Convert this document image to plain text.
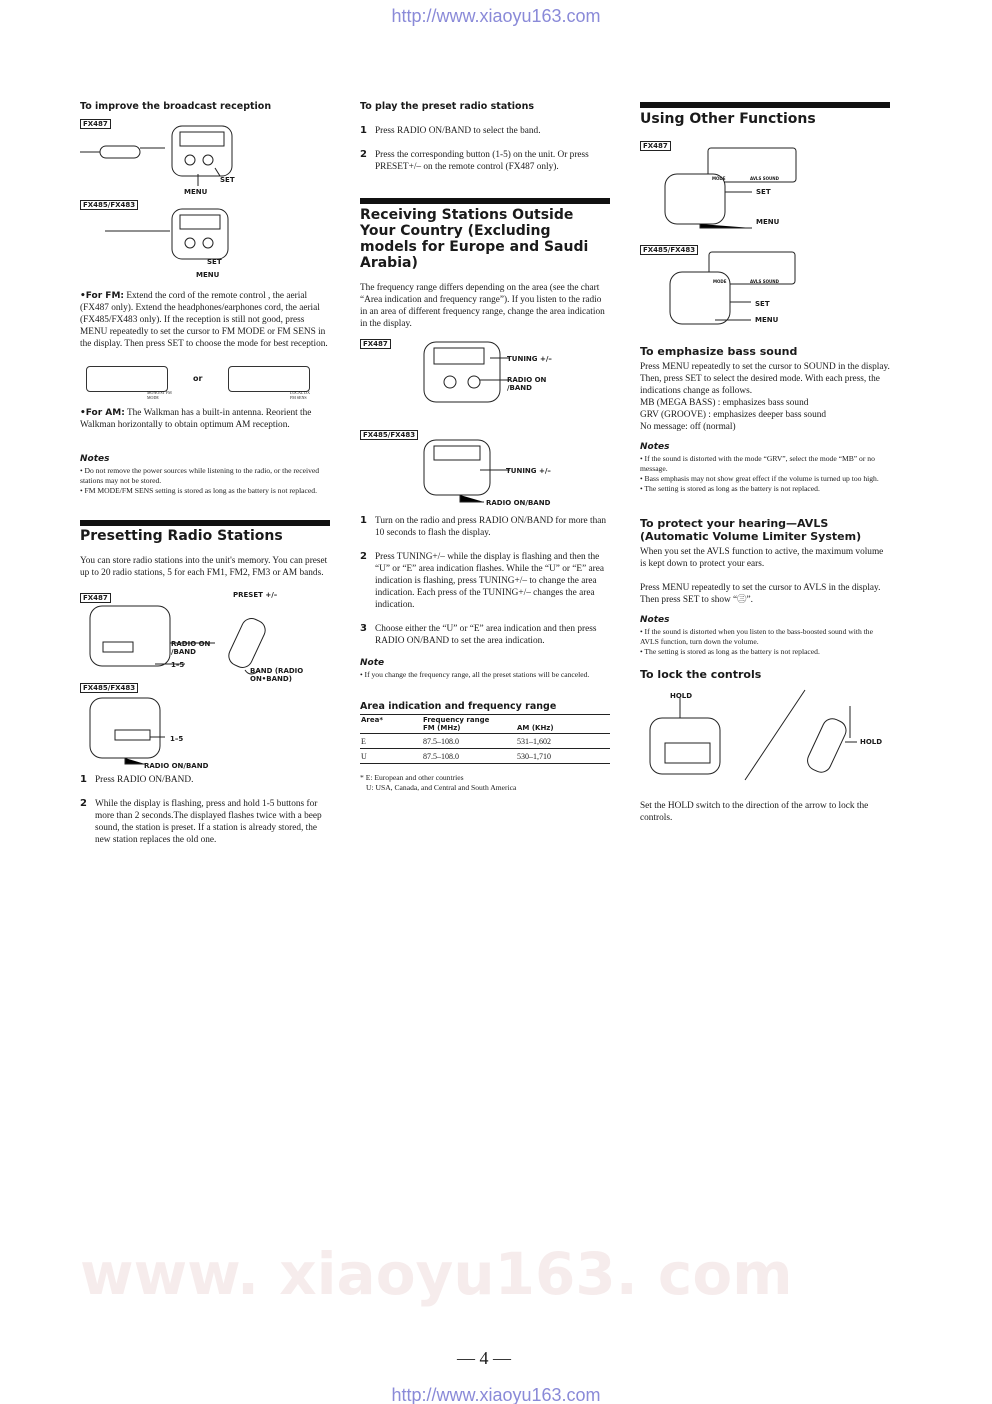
http://www.xiaoyu163.com
To improve the broadcast reception
FX487
SET
MENU
FX485/FX483
SET
MENU
•For FM: Extend the cord of the remote control , the aerial (FX487 only). Extend the headphones/earphones cord, the aerial (FX485/FX483 only). If the reception is still not good, press MENU repeatedly to set the cursor to FM MODE or FM SENS in the display. Then press SET to choose the mode for best reception.
MONO/ST FM MODE
or
LOCAL DX FM SENS
•For AM: The Walkman has a built-in antenna. Reorient the Walkman horizontally to obtain optimum AM reception.
Notes
• Do not remove the power sources while listening to the radio, or the received stations may not be stored.
• FM MODE/FM SENS setting is stored as long as the battery is not replaced.
Presetting Radio Stations
You can store radio stations into the unit's memory. You can preset up to 20 radio stations, 5 for each FM1, FM2, FM3 or AM bands.
FX487	PRESET +/–
RADIO ON /BAND
1–5
BAND (RADIO ON•BAND)
FX485/FX483
1–5
RADIO ON/BAND
1 Press RADIO ON/BAND.
2 While the display is flashing, press and hold 1-5 buttons for more than 2 seconds.The displayed flashes twice with a beep sound, the station is preset. If a station is already stored, the new station replaces the old one.
To play the preset radio stations
1 Press RADIO ON/BAND to select the band.
2 Press the corresponding button (1-5) on the unit. Or press PRESET+/– on the remote control (FX487 only).
Receiving Stations Outside Your Country (Excluding models for Europe and Saudi Arabia)
The frequency range differs depending on the area (see the chart “Area indication and frequency range”). If you listen to the radio in an area of different frequency range, change the area indication in the display.
FX487
TUNING +/–
RADIO ON /BAND
FX485/FX483
TUNING +/–
RADIO ON/BAND
1 Turn on the radio and press RADIO ON/BAND for more than 10 seconds to flash the display.
2 Press TUNING+/– while the display is flashing and then the “U” or “E” area indication flashes. While the “U” or “E” area indication is flashing, press TUNING+/– to change the area indication. Each press of the TUNING+/– changes the area indication.
3 Choose either the “U” or “E” area indication and then press RADIO ON/BAND to set the area indication.
Note
• If you change the frequency range, all the preset stations will be canceled.
Area indication and frequency range
Area*	Frequency range
FM (MHz)	AM (KHz)
E	87.5–108.0	531–1,602
U	87.5–108.0	530–1,710
* E: European and other countries
U: USA, Canada, and Central and South America
Using Other Functions
FX487
MODE	AVLS SOUND
SET
MENU
FX485/FX483
MODE	AVLS SOUND
SET
MENU
To emphasize bass sound
Press MENU repeatedly to set the cursor to SOUND in the display. Then, press SET to select the desired mode. With each press, the indications change as follows.
MB (MEGA BASS) : emphasizes bass sound
GRV (GROOVE) : emphasizes deeper bass sound
No message: off (normal)
Notes
• If the sound is distorted with the mode “GRV”, select the mode “MB” or no message.
• Bass emphasis may not show great effect if the volume is turned up too high.
• The setting is stored as long as the battery is not replaced.
To protect your hearing—AVLS (Automatic Volume Limiter System)
When you set the AVLS function to active, the maximum volume is kept down to protect your ears.
Press MENU repeatedly to set the cursor to AVLS in the display. Then press SET to show “㊂”.
Notes
• If the sound is distorted when you listen to the bass-boosted sound with the AVLS function, turn down the volume.
• The setting is stored as long as the battery is not replaced.
To lock the controls
HOLD
HOLD
Set the HOLD switch to the direction of the arrow to lock the controls.
www. xiaoyu163. com
— 4 —
http://www.xiaoyu163.com
